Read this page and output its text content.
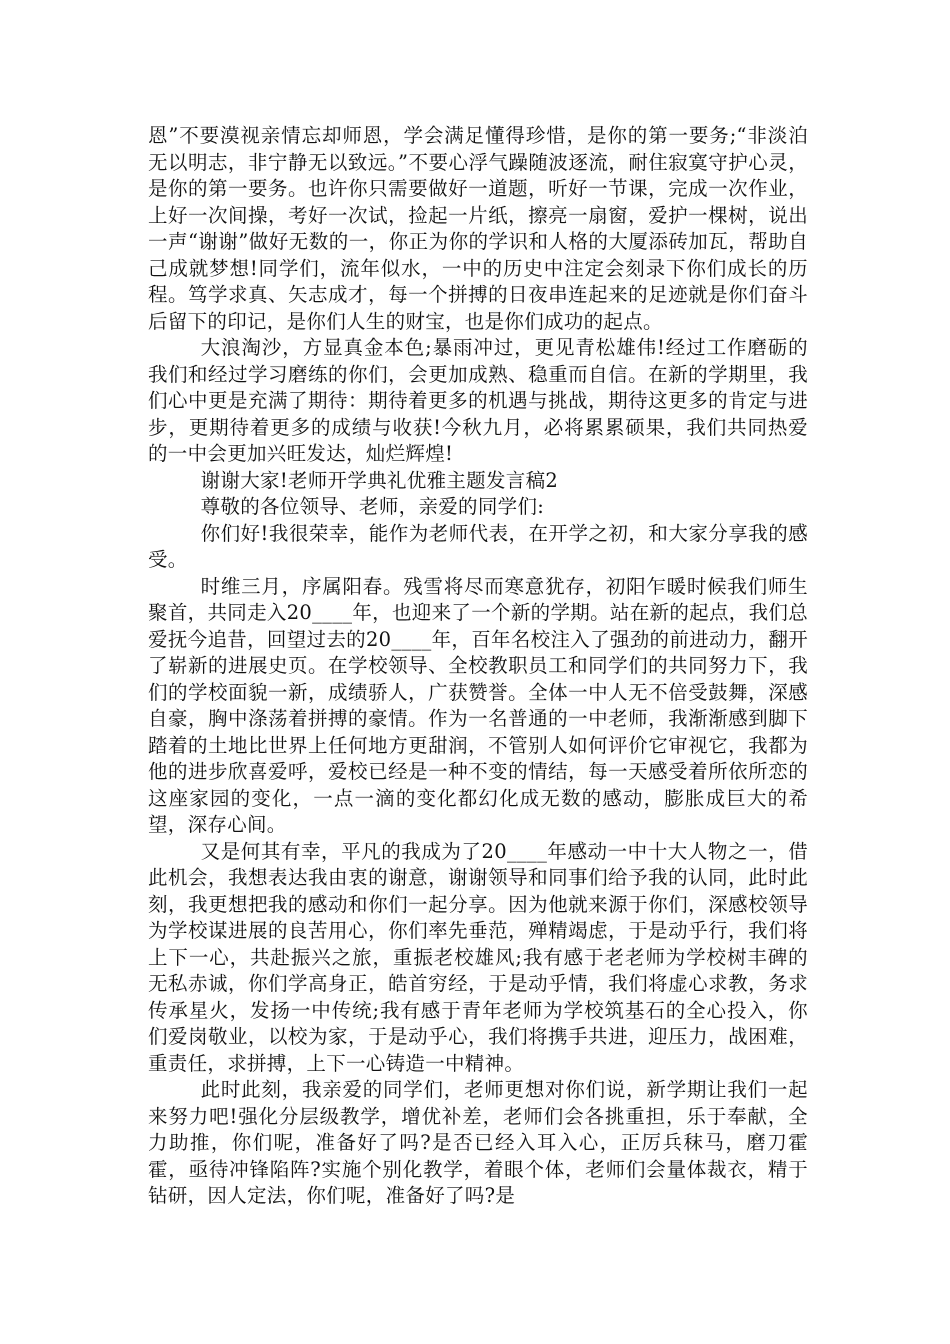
恩”不要漠视亲情忘却师恩，学会满足懂得珍惜，是你的第一要务;“非淡泊无以明志，非宁静无以致远。”不要心浮气躁随波逐流，耐住寂寞守护心灵，是你的第一要务。也许你只需要做好一道题，听好一节课，完成一次作业，上好一次间操，考好一次试，捡起一片纸，擦亮一扇窗，爱护一棵树，说出一声“谢谢”做好无数的一，你正为你的学识和人格的大厦添砖加瓦，帮助自己成就梦想!同学们，流年似水，一中的历史中注定会刻录下你们成长的历程。笃学求真、矢志成才，每一个拼搏的日夜串连起来的足迹就是你们奋斗后留下的印记，是你们人生的财宝，也是你们成功的起点。

大浪淘沙，方显真金本色;暴雨冲过，更见青松雄伟!经过工作磨砺的我们和经过学习磨练的你们，会更加成熟、稳重而自信。在新的学期里，我们心中更是充满了期待：期待着更多的机遇与挑战，期待这更多的肯定与进步，更期待着更多的成绩与收获!今秋九月，必将累累硕果，我们共同热爱的一中会更加兴旺发达，灿烂辉煌!

谢谢大家!老师开学典礼优雅主题发言稿2

尊敬的各位领导、老师，亲爱的同学们:

你们好!我很荣幸，能作为老师代表，在开学之初，和大家分享我的感受。

时维三月，序属阳春。残雪将尽而寒意犹存，初阳乍暖时候我们师生聚首，共同走入20____年，也迎来了一个新的学期。站在新的起点，我们总爱抚今追昔，回望过去的20____年，百年名校注入了强劲的前进动力，翻开了崭新的进展史页。在学校领导、全校教职员工和同学们的共同努力下，我们的学校面貌一新，成绩骄人，广获赞誉。全体一中人无不倍受鼓舞，深感自豪，胸中涤荡着拼搏的豪情。作为一名普通的一中老师，我渐渐感到脚下踏着的土地比世界上任何地方更甜润，不管别人如何评价它审视它，我都为他的进步欣喜爱呼，爱校已经是一种不变的情结，每一天感受着所依所恋的这座家园的变化，一点一滴的变化都幻化成无数的感动，膨胀成巨大的希望，深存心间。

又是何其有幸，平凡的我成为了20____年感动一中十大人物之一，借此机会，我想表达我由衷的谢意，谢谢领导和同事们给予我的认同，此时此刻，我更想把我的感动和你们一起分享。因为他就来源于你们，深感校领导为学校谋进展的良苦用心，你们率先垂范，殚精竭虑，于是动乎行，我们将上下一心，共赴振兴之旅，重振老校雄风;我有感于老老师为学校树丰碑的无私赤诚，你们学高身正，皓首穷经，于是动乎情，我们将虚心求教，务求传承星火，发扬一中传统;我有感于青年老师为学校筑基石的全心投入，你们爱岗敬业，以校为家，于是动乎心，我们将携手共进，迎压力，战困难，重责任，求拼搏，上下一心铸造一中精神。

此时此刻，我亲爱的同学们，老师更想对你们说，新学期让我们一起来努力吧!强化分层级教学，增优补差，老师们会各挑重担，乐于奉献，全力助推，你们呢，准备好了吗?是否已经入耳入心，正厉兵秣马，磨刀霍霍，亟待冲锋陷阵?实施个别化教学，着眼个体，老师们会量体裁衣，精于钻研，因人定法，你们呢，准备好了吗?是
